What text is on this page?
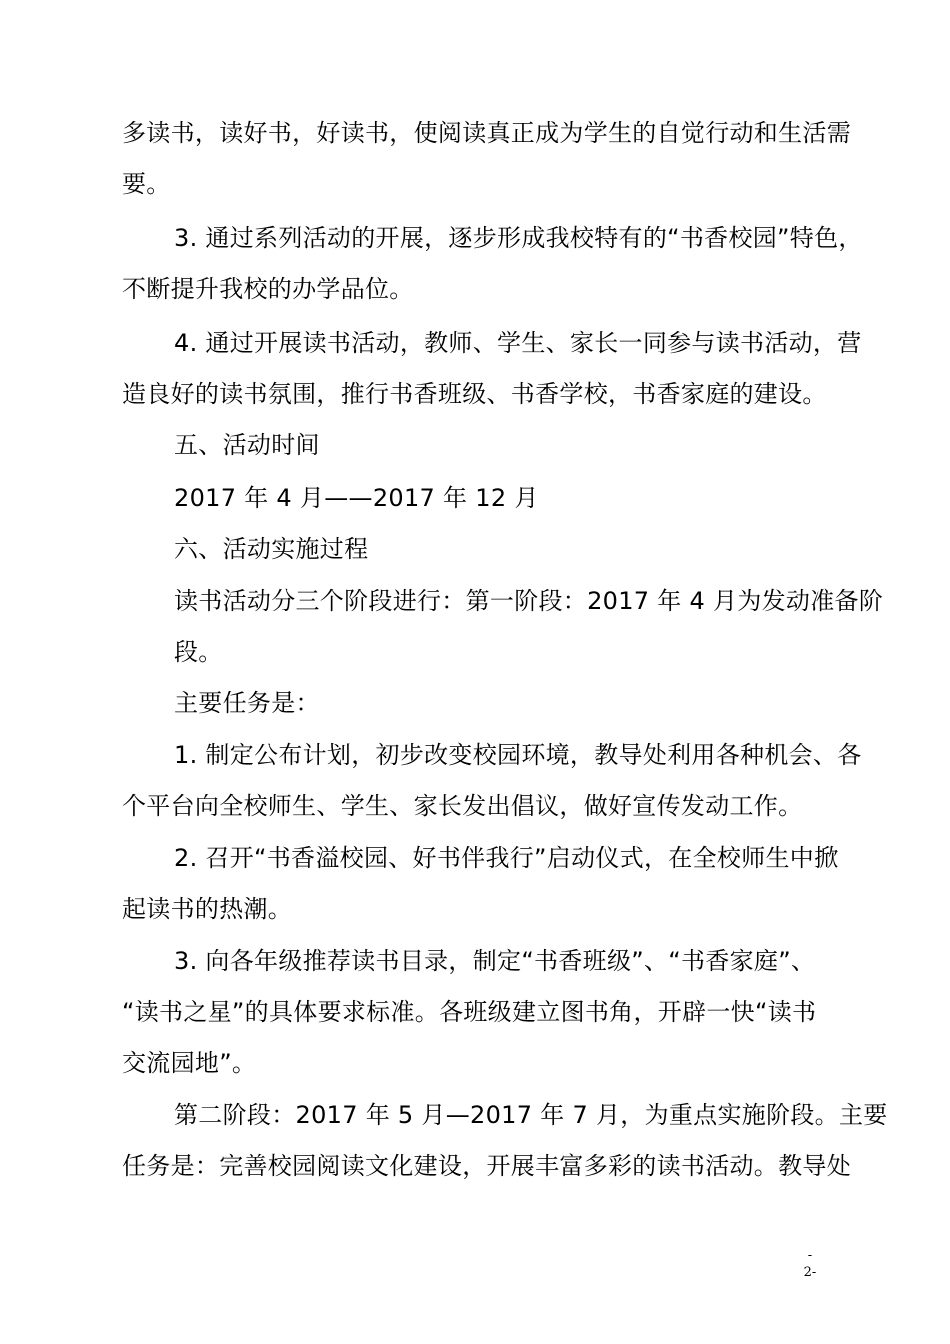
多读书，读好书，好读书，使阅读真正成为学生的自觉行动和生活需
要。
3. 通过系列活动的开展，逐步形成我校特有的“书香校园”特色，
不断提升我校的办学品位。
4. 通过开展读书活动，教师、学生、家长一同参与读书活动，营
造良好的读书氛围，推行书香班级、书香学校，书香家庭的建设。
五、活动时间
2017 年 4 月——2017 年 12 月
六、活动实施过程
读书活动分三个阶段进行：第一阶段：2017 年 4 月为发动准备阶
段。
主要任务是：
1. 制定公布计划，初步改变校园环境，教导处利用各种机会、各
个平台向全校师生、学生、家长发出倡议，做好宣传发动工作。
2. 召开“书香溢校园、好书伴我行”启动仪式，在全校师生中掀
起读书的热潮。
3. 向各年级推荐读书目录，制定“书香班级”、“书香家庭”、
“读书之星”的具体要求标准。各班级建立图书角，开辟一快“读书
交流园地”。
第二阶段：2017 年 5 月—2017 年 7 月，为重点实施阶段。主要
任务是：完善校园阅读文化建设，开展丰富多彩的读书活动。教导处
-
2-
